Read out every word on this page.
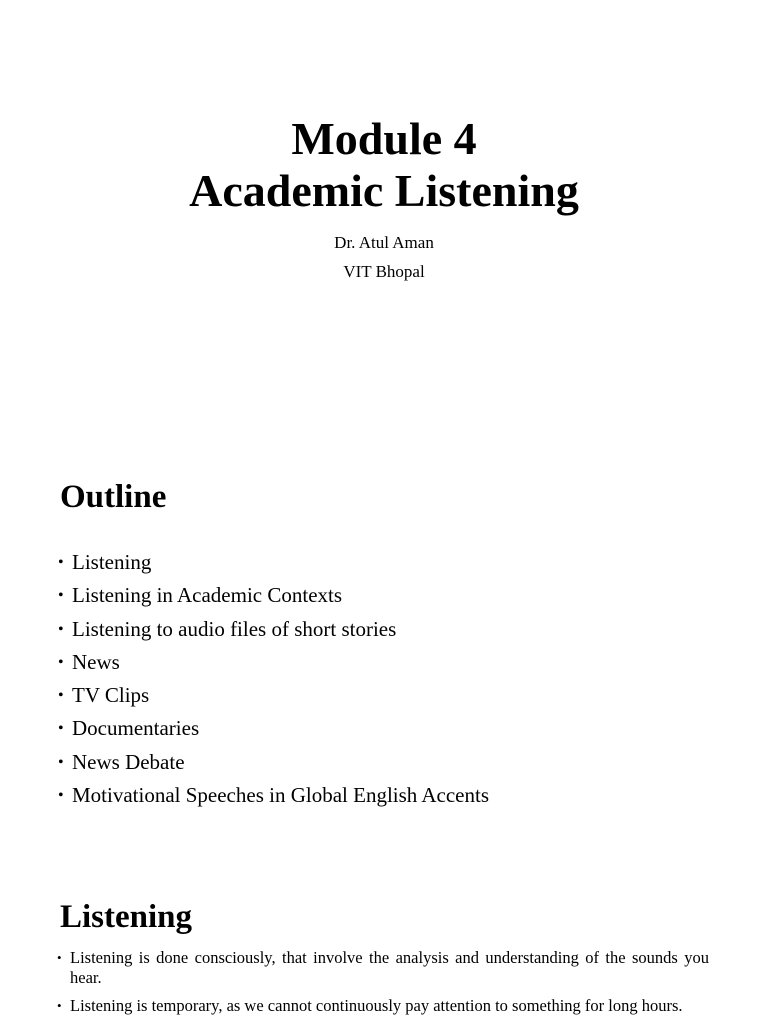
Module 4

Academic Listening

Dr. Atul Aman

VIT Bhopal

Outline
• Listening
• Listening in Academic Contexts
• Listening to audio files of short stories
• News
• TV Clips
• Documentaries
• News Debate
• Motivational Speeches in Global English Accents
Listening
• Listening is done consciously, that involve the analysis and understanding of the sounds you hear.
• Listening is temporary, as we cannot continuously pay attention to something for long hours.
